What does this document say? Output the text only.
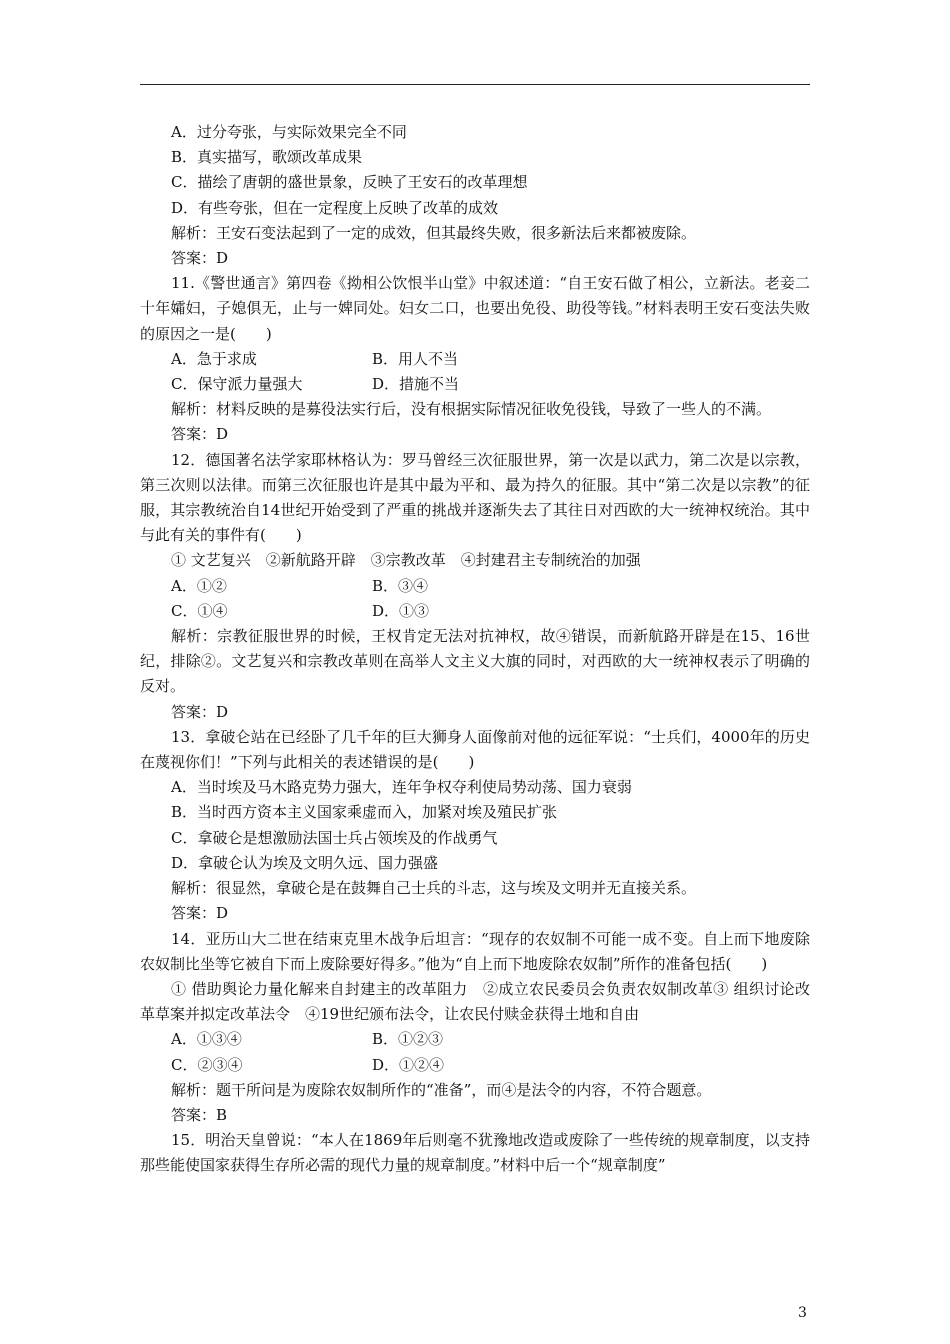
A．过分夸张，与实际效果完全不同

B．真实描写，歌颂改革成果

C．描绘了唐朝的盛世景象，反映了王安石的改革理想

D．有些夸张，但在一定程度上反映了改革的成效

解析：王安石变法起到了一定的成效，但其最终失败，很多新法后来都被废除。

答案：D

11.《警世通言》第四卷《拗相公饮恨半山堂》中叙述道：“自王安石做了相公，立新法。老妾二十年孀妇，子媳俱无，止与一婢同处。妇女二口，也要出免役、助役等钱。”材料表明王安石变法失败的原因之一是(　　)

A．急于求成	B．用人不当
C．保守派力量强大	D．措施不当

解析：材料反映的是募役法实行后，没有根据实际情况征收免役钱，导致了一些人的不满。

答案：D

12．德国著名法学家耶林格认为：罗马曾经三次征服世界，第一次是以武力，第二次是以宗教，第三次则以法律。而第三次征服也许是其中最为平和、最为持久的征服。其中“第二次是以宗教”的征服，其宗教统治自14世纪开始受到了严重的挑战并逐渐失去了其往日对西欧的大一统神权统治。其中与此有关的事件有(　　)

① 文艺复兴　②新航路开辟　③宗教改革　④封建君主专制统治的加强

A．①②	B．③④
C．①④	D．①③

解析：宗教征服世界的时候，王权肯定无法对抗神权，故④错误，而新航路开辟是在15、16世纪，排除②。文艺复兴和宗教改革则在高举人文主义大旗的同时，对西欧的大一统神权表示了明确的反对。

答案：D

13．拿破仑站在已经卧了几千年的巨大狮身人面像前对他的远征军说：“士兵们，4000年的历史在蔑视你们！”下列与此相关的表述错误的是(　　)

A．当时埃及马木路克势力强大，连年争权夺利使局势动荡、国力衰弱

B．当时西方资本主义国家乘虚而入，加紧对埃及殖民扩张

C．拿破仑是想激励法国士兵占领埃及的作战勇气

D．拿破仑认为埃及文明久远、国力强盛

解析：很显然，拿破仑是在鼓舞自己士兵的斗志，这与埃及文明并无直接关系。

答案：D

14．亚历山大二世在结束克里木战争后坦言：“现存的农奴制不可能一成不变。自上而下地废除农奴制比坐等它被自下而上废除要好得多。”他为“自上而下地废除农奴制”所作的准备包括(　　)

① 借助舆论力量化解来自封建主的改革阻力　②成立农民委员会负责农奴制改革③ 组织讨论改革草案并拟定改革法令　④19世纪颁布法令，让农民付赎金获得土地和自由

A．①③④	B．①②③
C．②③④	D．①②④

解析：题干所问是为废除农奴制所作的“准备”，而④是法令的内容，不符合题意。

答案：B

15．明治天皇曾说：“本人在1869年后则毫不犹豫地改造或废除了一些传统的规章制度，以支持那些能使国家获得生存所必需的现代力量的规章制度。”材料中后一个“规章制度”

3
